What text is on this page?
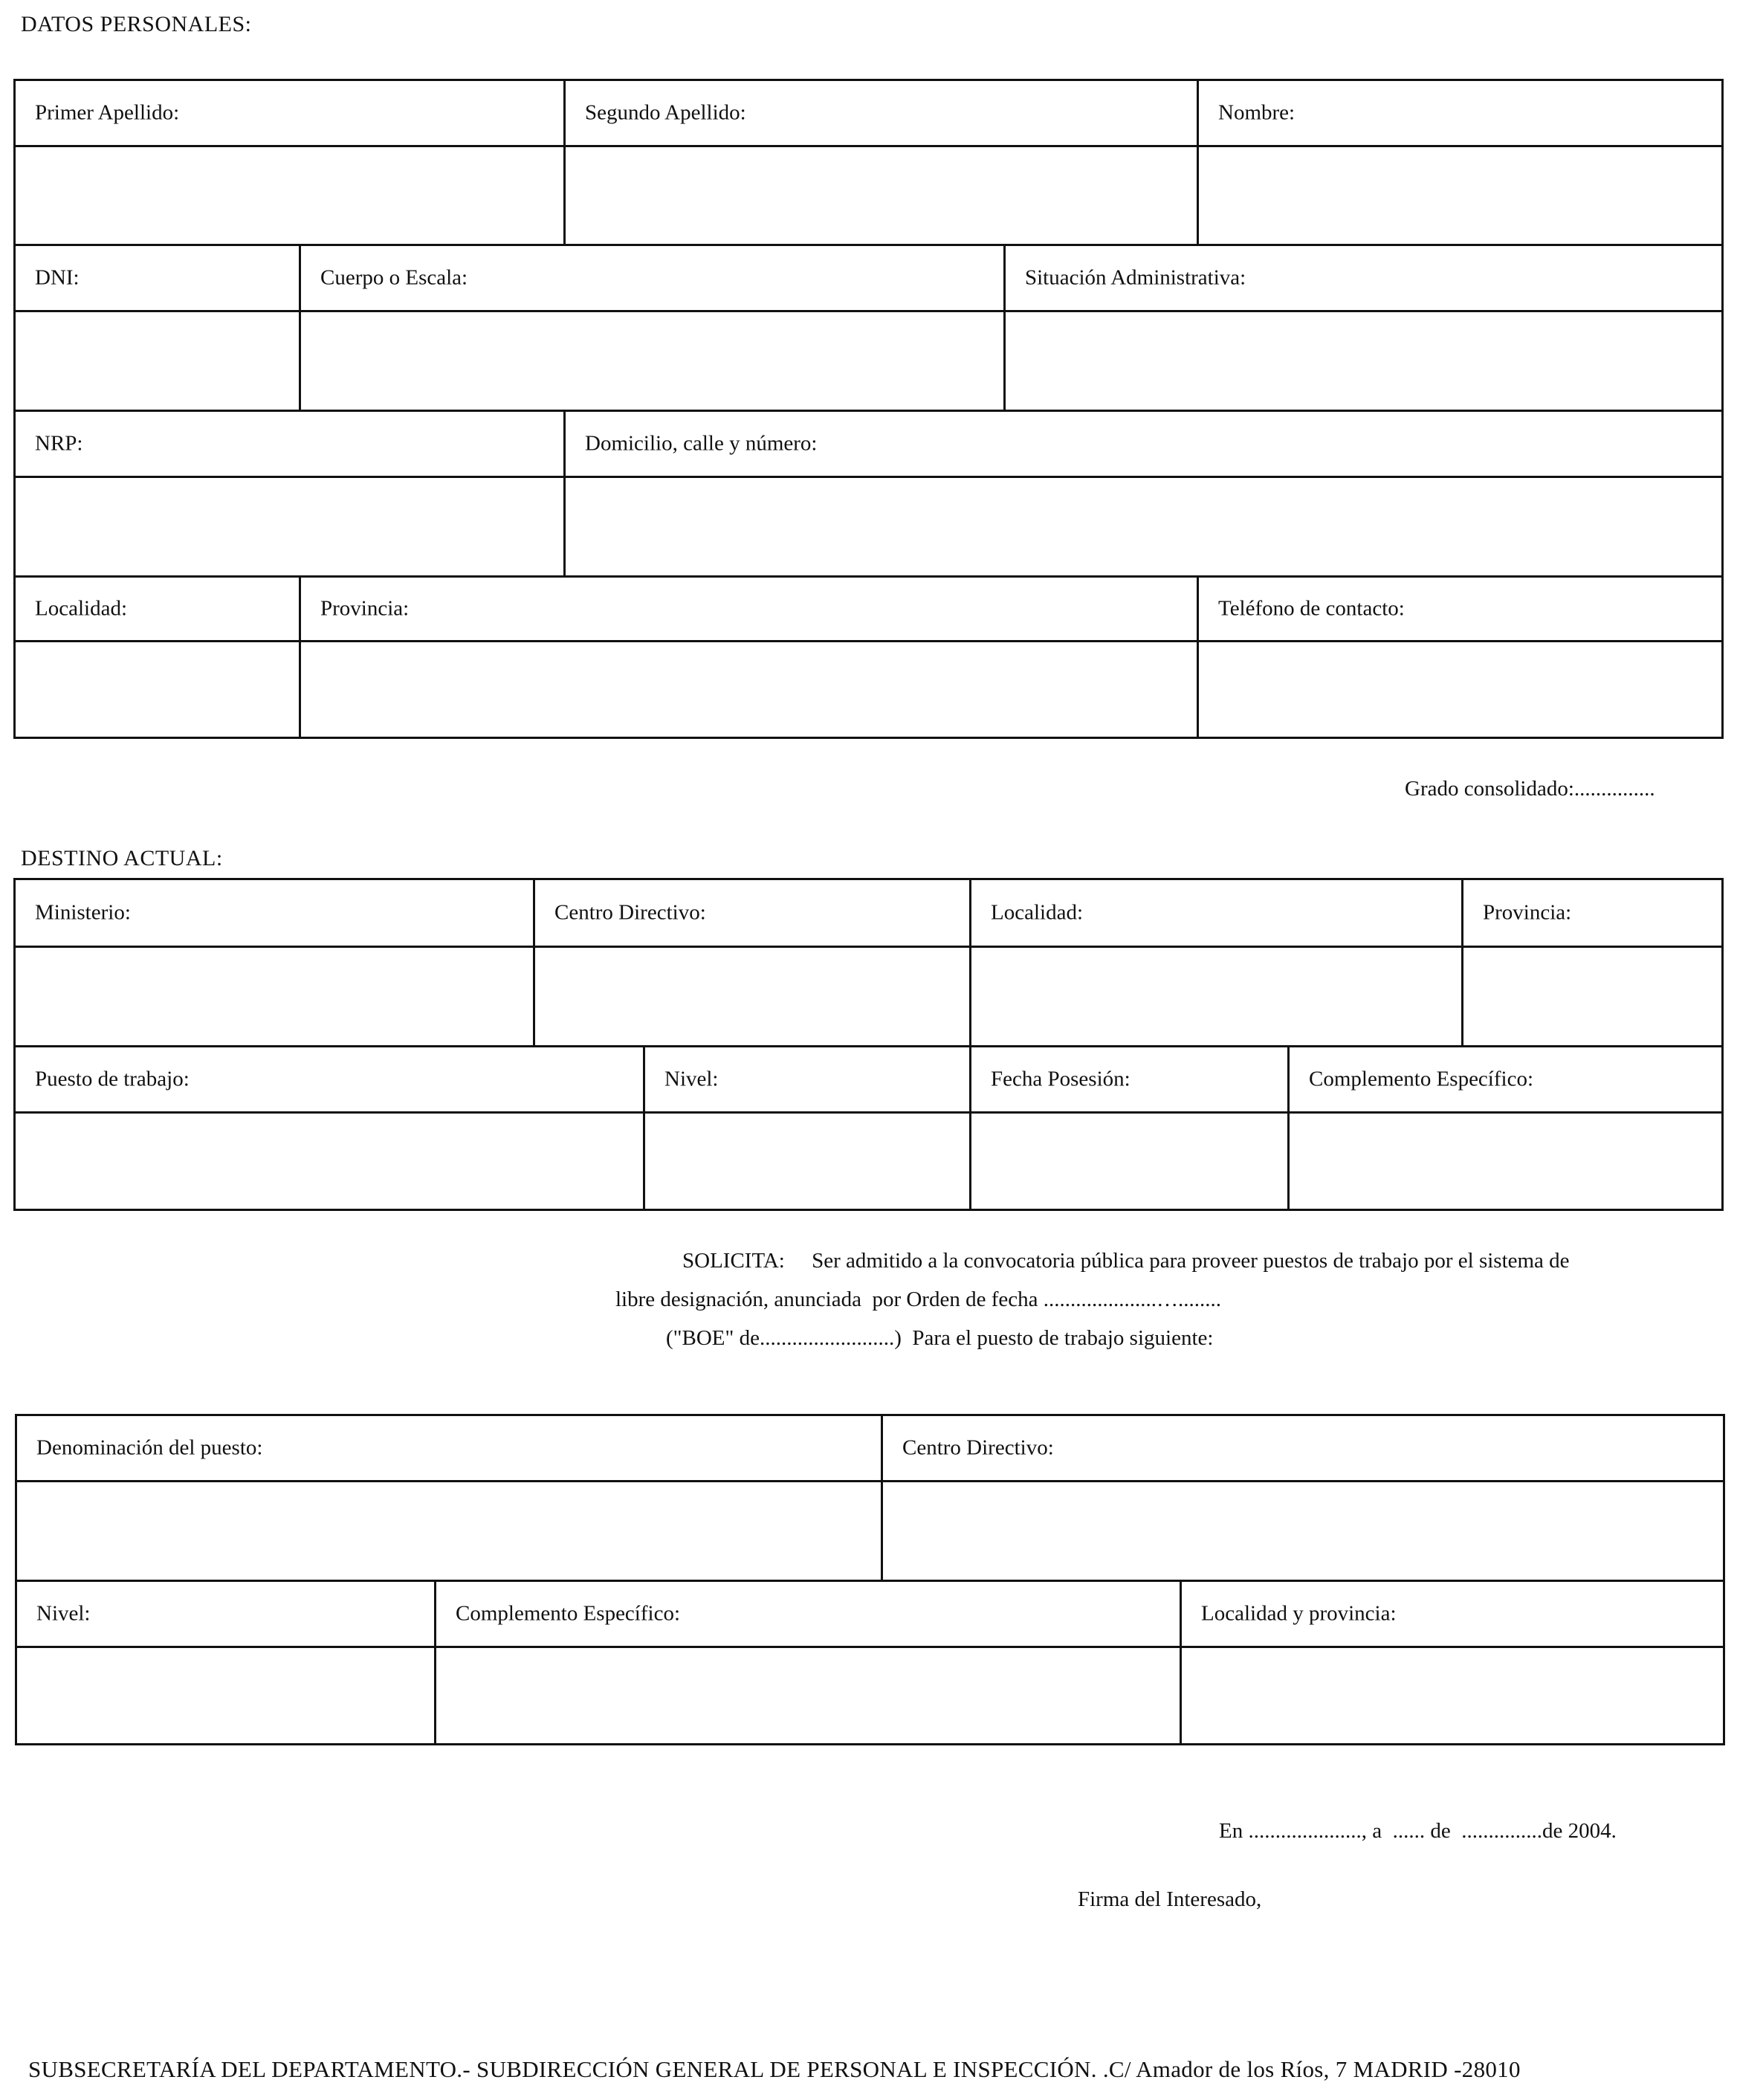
DATOS PERSONALES:
Primer Apellido:	Segundo Apellido:	Nombre:
DNI:	Cuerpo o Escala:	Situación Administrativa:
NRP:	Domicilio, calle y número:
Localidad:	Provincia:	Teléfono de contacto:
Grado consolidado:...............
DESTINO ACTUAL:
Ministerio:	Centro Directivo:	Localidad:	Provincia:
Puesto de trabajo:	Nivel:	Fecha Posesión:	Complemento Específico:
SOLICITA:     Ser admitido a la convocatoria pública para proveer puestos de trabajo por el sistema de
libre designación, anunciada  por Orden de fecha .....................…........
("BOE" de.........................)  Para el puesto de trabajo siguiente:
Denominación del puesto:	Centro Directivo:
Nivel:	Complemento Específico:	Localidad y provincia:
En ....................., a  ...... de  ...............de 2004.
Firma del Interesado,
SUBSECRETARÍA DEL DEPARTAMENTO.- SUBDIRECCIÓN GENERAL DE PERSONAL E INSPECCIÓN. .C/ Amador de los Ríos, 7 MADRID -28010
